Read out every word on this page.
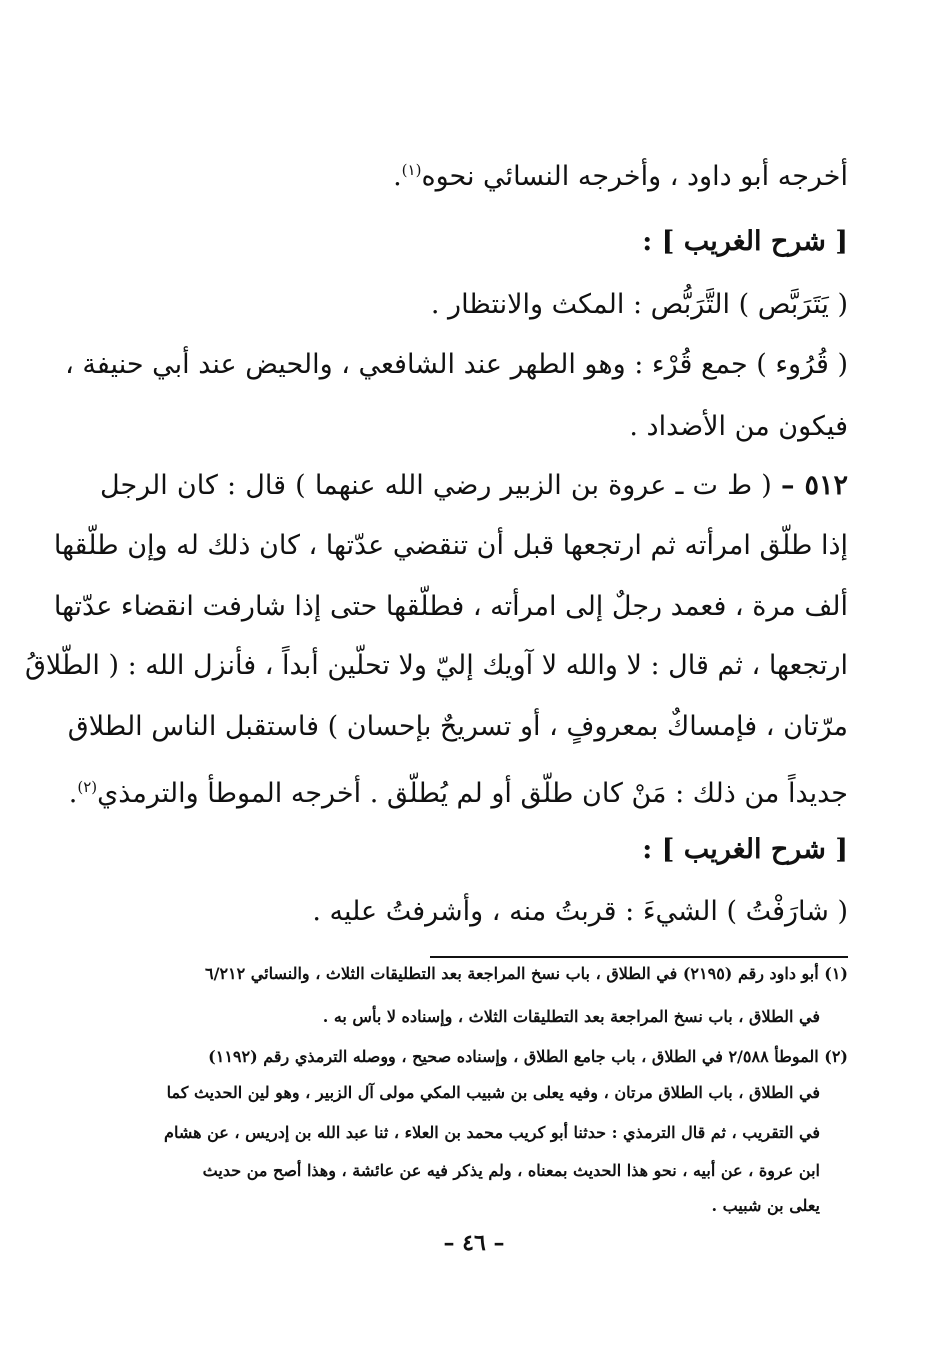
أخرجه أبو داود ، وأخرجه النسائي نحوه$^{(١)}$.
[ شرح الغريب ] :
( يَتَرَبَّص ) التَّرَبُّص : المكث والانتظار .
( قُرُوء ) جمع قُرْء : وهو الطهر عند الشافعي ، والحيض عند أبي حنيفة ،
فيكون من الأضداد .
٥١٢ – ( ط ت ـ عروة بن الزبير رضي الله عنهما ) قال : كان الرجل
إذا طلّق امرأته ثم ارتجعها قبل أن تنقضي عدّتها ، كان ذلك له وإن طلّقها
ألف مرة ، فعمد رجلٌ إلى امرأته ، فطلّقها حتى إذا شارفت انقضاء عدّتها
ارتجعها ، ثم قال : لا والله لا آويك إليّ ولا تحلّين أبداً ، فأنزل الله : ( الطّلاقُ
مرّتان ، فإمساكٌ بمعروفٍ ، أو تسريحٌ بإحسان ) فاستقبل الناس الطلاق
جديداً من ذلك : مَنْ كان طلّق أو لم يُطلّق . أخرجه الموطأ والترمذي$^{(٢)}$.
[ شرح الغريب ] :
( شارَفْتُ ) الشيءَ : قربتُ منه ، وأشرفتُ عليه .
(١) أبو داود رقم (٢١٩٥) في الطلاق ، باب نسخ المراجعة بعد التطليقات الثلاث ، والنسائي ٦/٢١٢
في الطلاق ، باب نسخ المراجعة بعد التطليقات الثلاث ، وإسناده لا بأس به .
(٢) الموطأ ٢/٥٨٨ في الطلاق ، باب جامع الطلاق ، وإسناده صحيح ، ووصله الترمذي رقم (١١٩٢)
في الطلاق ، باب الطلاق مرتان ، وفيه يعلى بن شبيب المكي مولى آل الزبير ، وهو لين الحديث كما
في التقريب ، ثم قال الترمذي : حدثنا أبو كريب محمد بن العلاء ، ثنا عبد الله بن إدريس ، عن هشام
ابن عروة ، عن أبيه ، نحو هذا الحديث بمعناه ، ولم يذكر فيه عن عائشة ، وهذا أصح من حديث
يعلى بن شبيب .
– ٤٦ –
